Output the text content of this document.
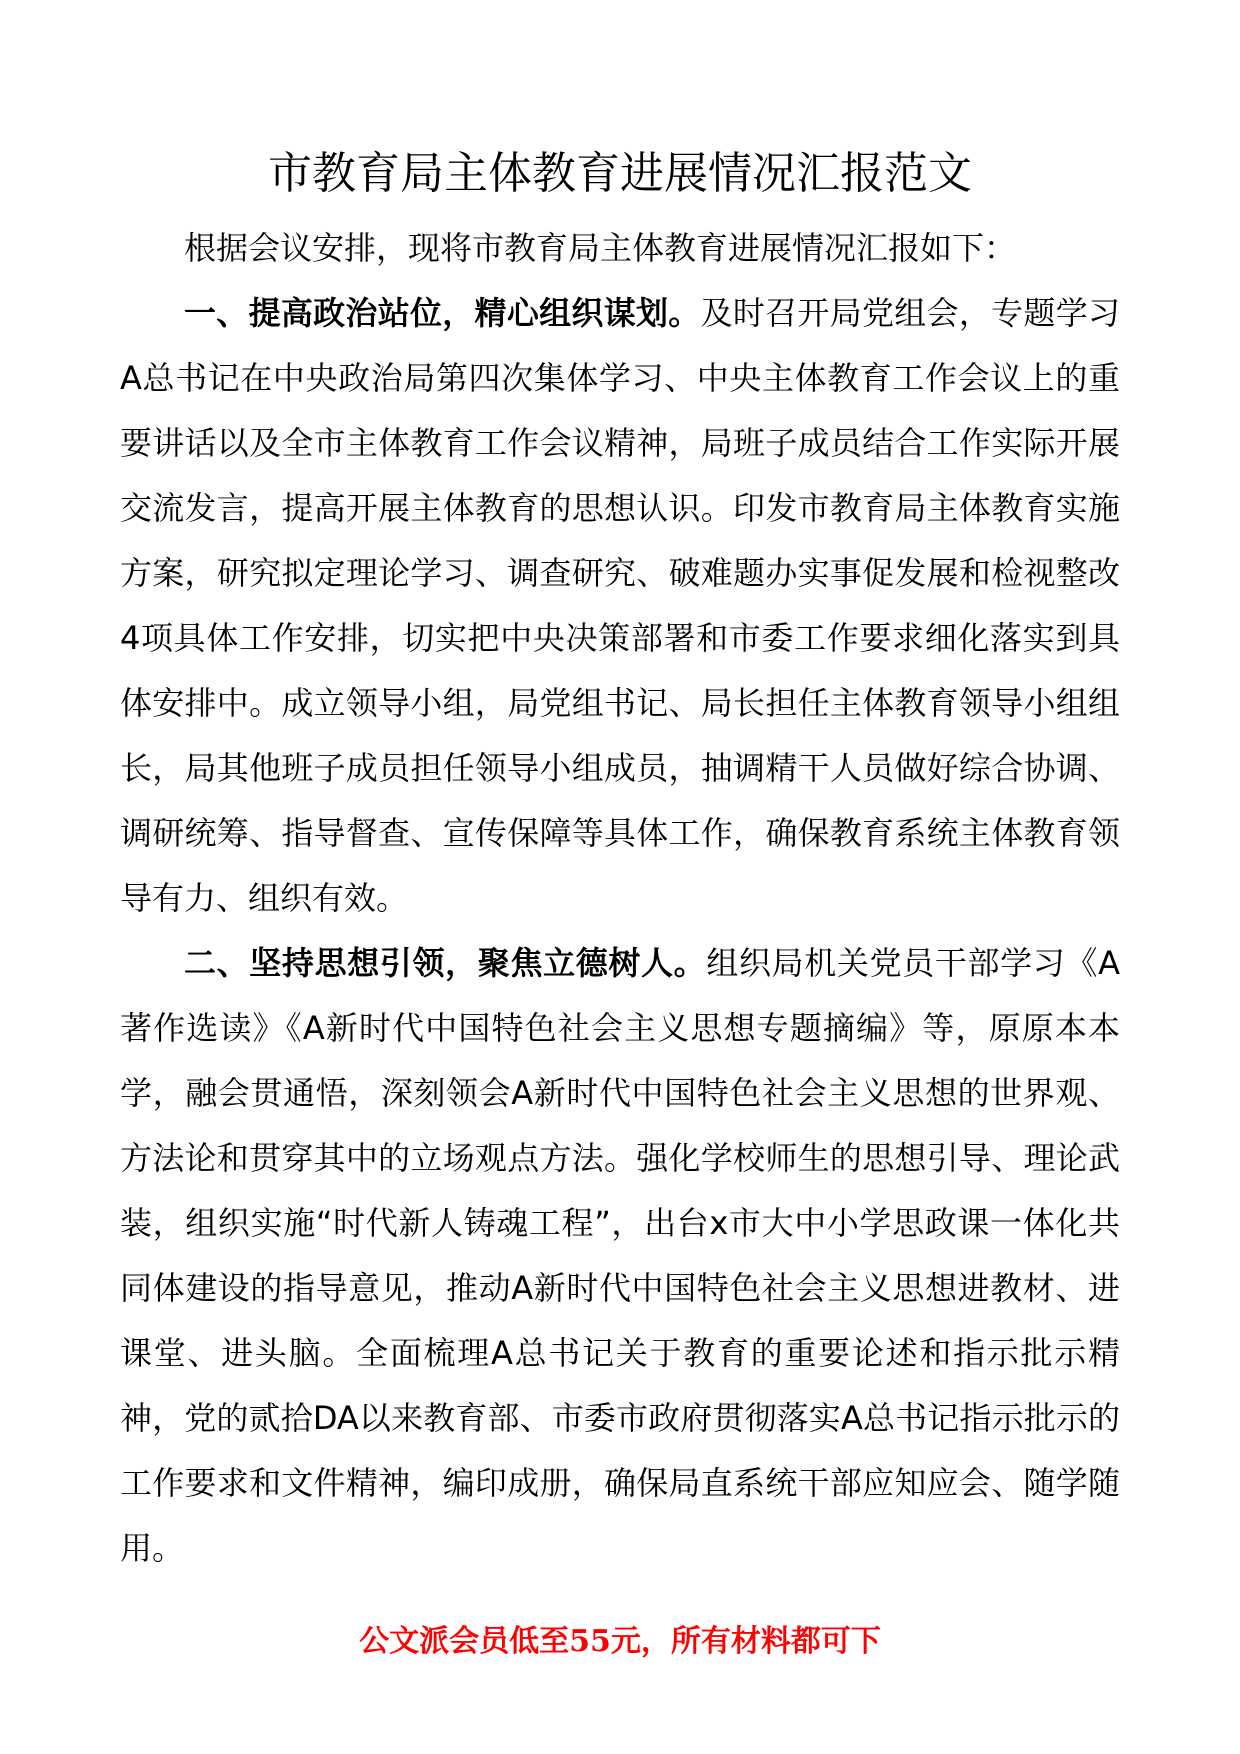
市教育局主体教育进展情况汇报范文

根据会议安排，现将市教育局主体教育进展情况汇报如下：

一、提高政治站位，精心组织谋划。及时召开局党组会，专题学习A总书记在中央政治局第四次集体学习、中央主体教育工作会议上的重要讲话以及全市主体教育工作会议精神，局班子成员结合工作实际开展交流发言，提高开展主体教育的思想认识。印发市教育局主体教育实施方案，研究拟定理论学习、调查研究、破难题办实事促发展和检视整改4项具体工作安排，切实把中央决策部署和市委工作要求细化落实到具体安排中。成立领导小组，局党组书记、局长担任主体教育领导小组组长，局其他班子成员担任领导小组成员，抽调精干人员做好综合协调、调研统筹、指导督查、宣传保障等具体工作，确保教育系统主体教育领导有力、组织有效。

二、坚持思想引领，聚焦立德树人。组织局机关党员干部学习《A著作选读》《A新时代中国特色社会主义思想专题摘编》等，原原本本学，融会贯通悟，深刻领会A新时代中国特色社会主义思想的世界观、方法论和贯穿其中的立场观点方法。强化学校师生的思想引导、理论武装，组织实施“时代新人铸魂工程”，出台x市大中小学思政课一体化共同体建设的指导意见，推动A新时代中国特色社会主义思想进教材、进课堂、进头脑。全面梳理A总书记关于教育的重要论述和指示批示精神，党的贰拾DA以来教育部、市委市政府贯彻落实A总书记指示批示的工作要求和文件精神，编印成册，确保局直系统干部应知应会、随学随用。

公文派会员低至55元，所有材料都可下
